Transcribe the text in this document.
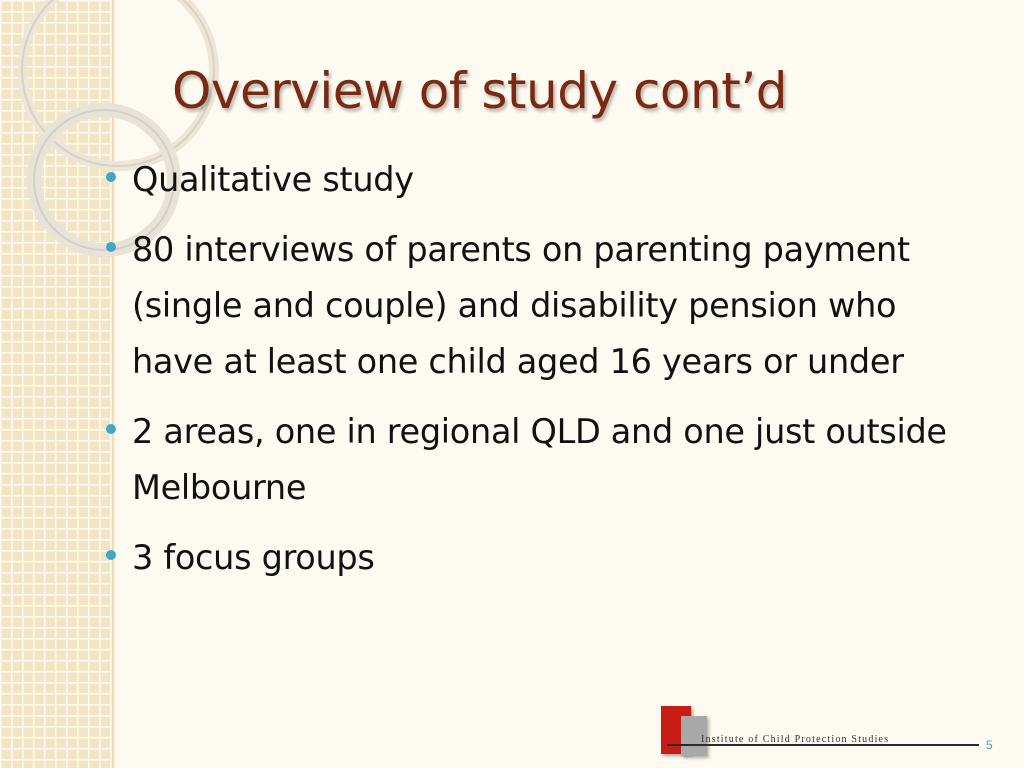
Overview of study cont’d
Qualitative study
80 interviews of parents on parenting payment (single and couple) and disability pension who have at least one child aged 16 years or under
2 areas, one in regional QLD and one just outside Melbourne
3 focus groups
Institute of Child Protection Studies	5
